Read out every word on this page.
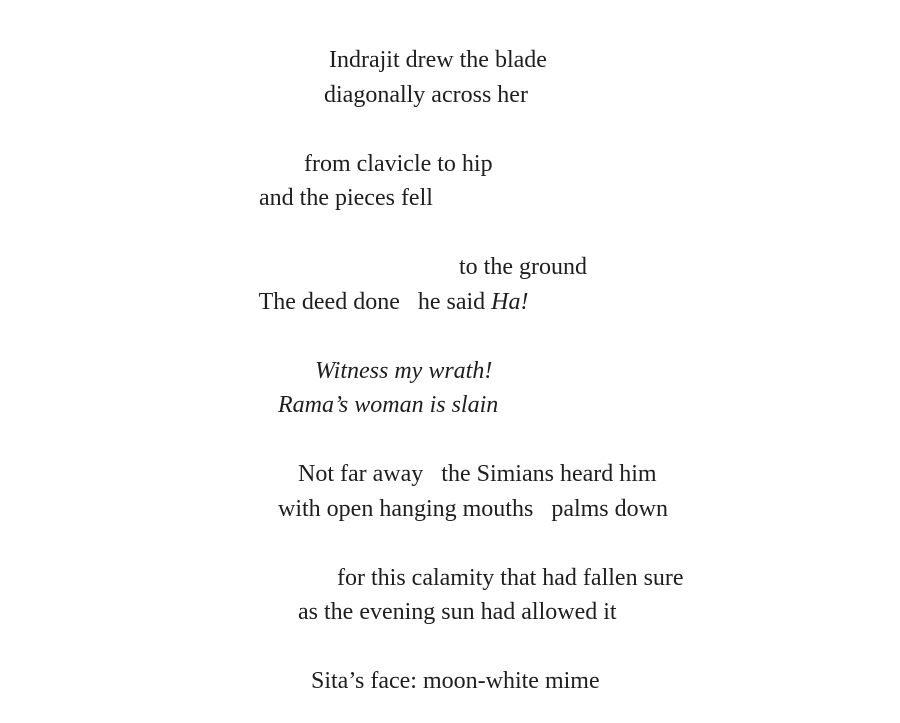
Indrajit drew the blade

diagonally across her

from clavicle to hip

and the pieces fell

to the ground

The deed done   he said Ha!

Witness my wrath!

Rama’s woman is slain

Not far away   the Simians heard him

with open hanging mouths   palms down

for this calamity that had fallen sure

as the evening sun had allowed it

Sita’s face: moon-white mime
